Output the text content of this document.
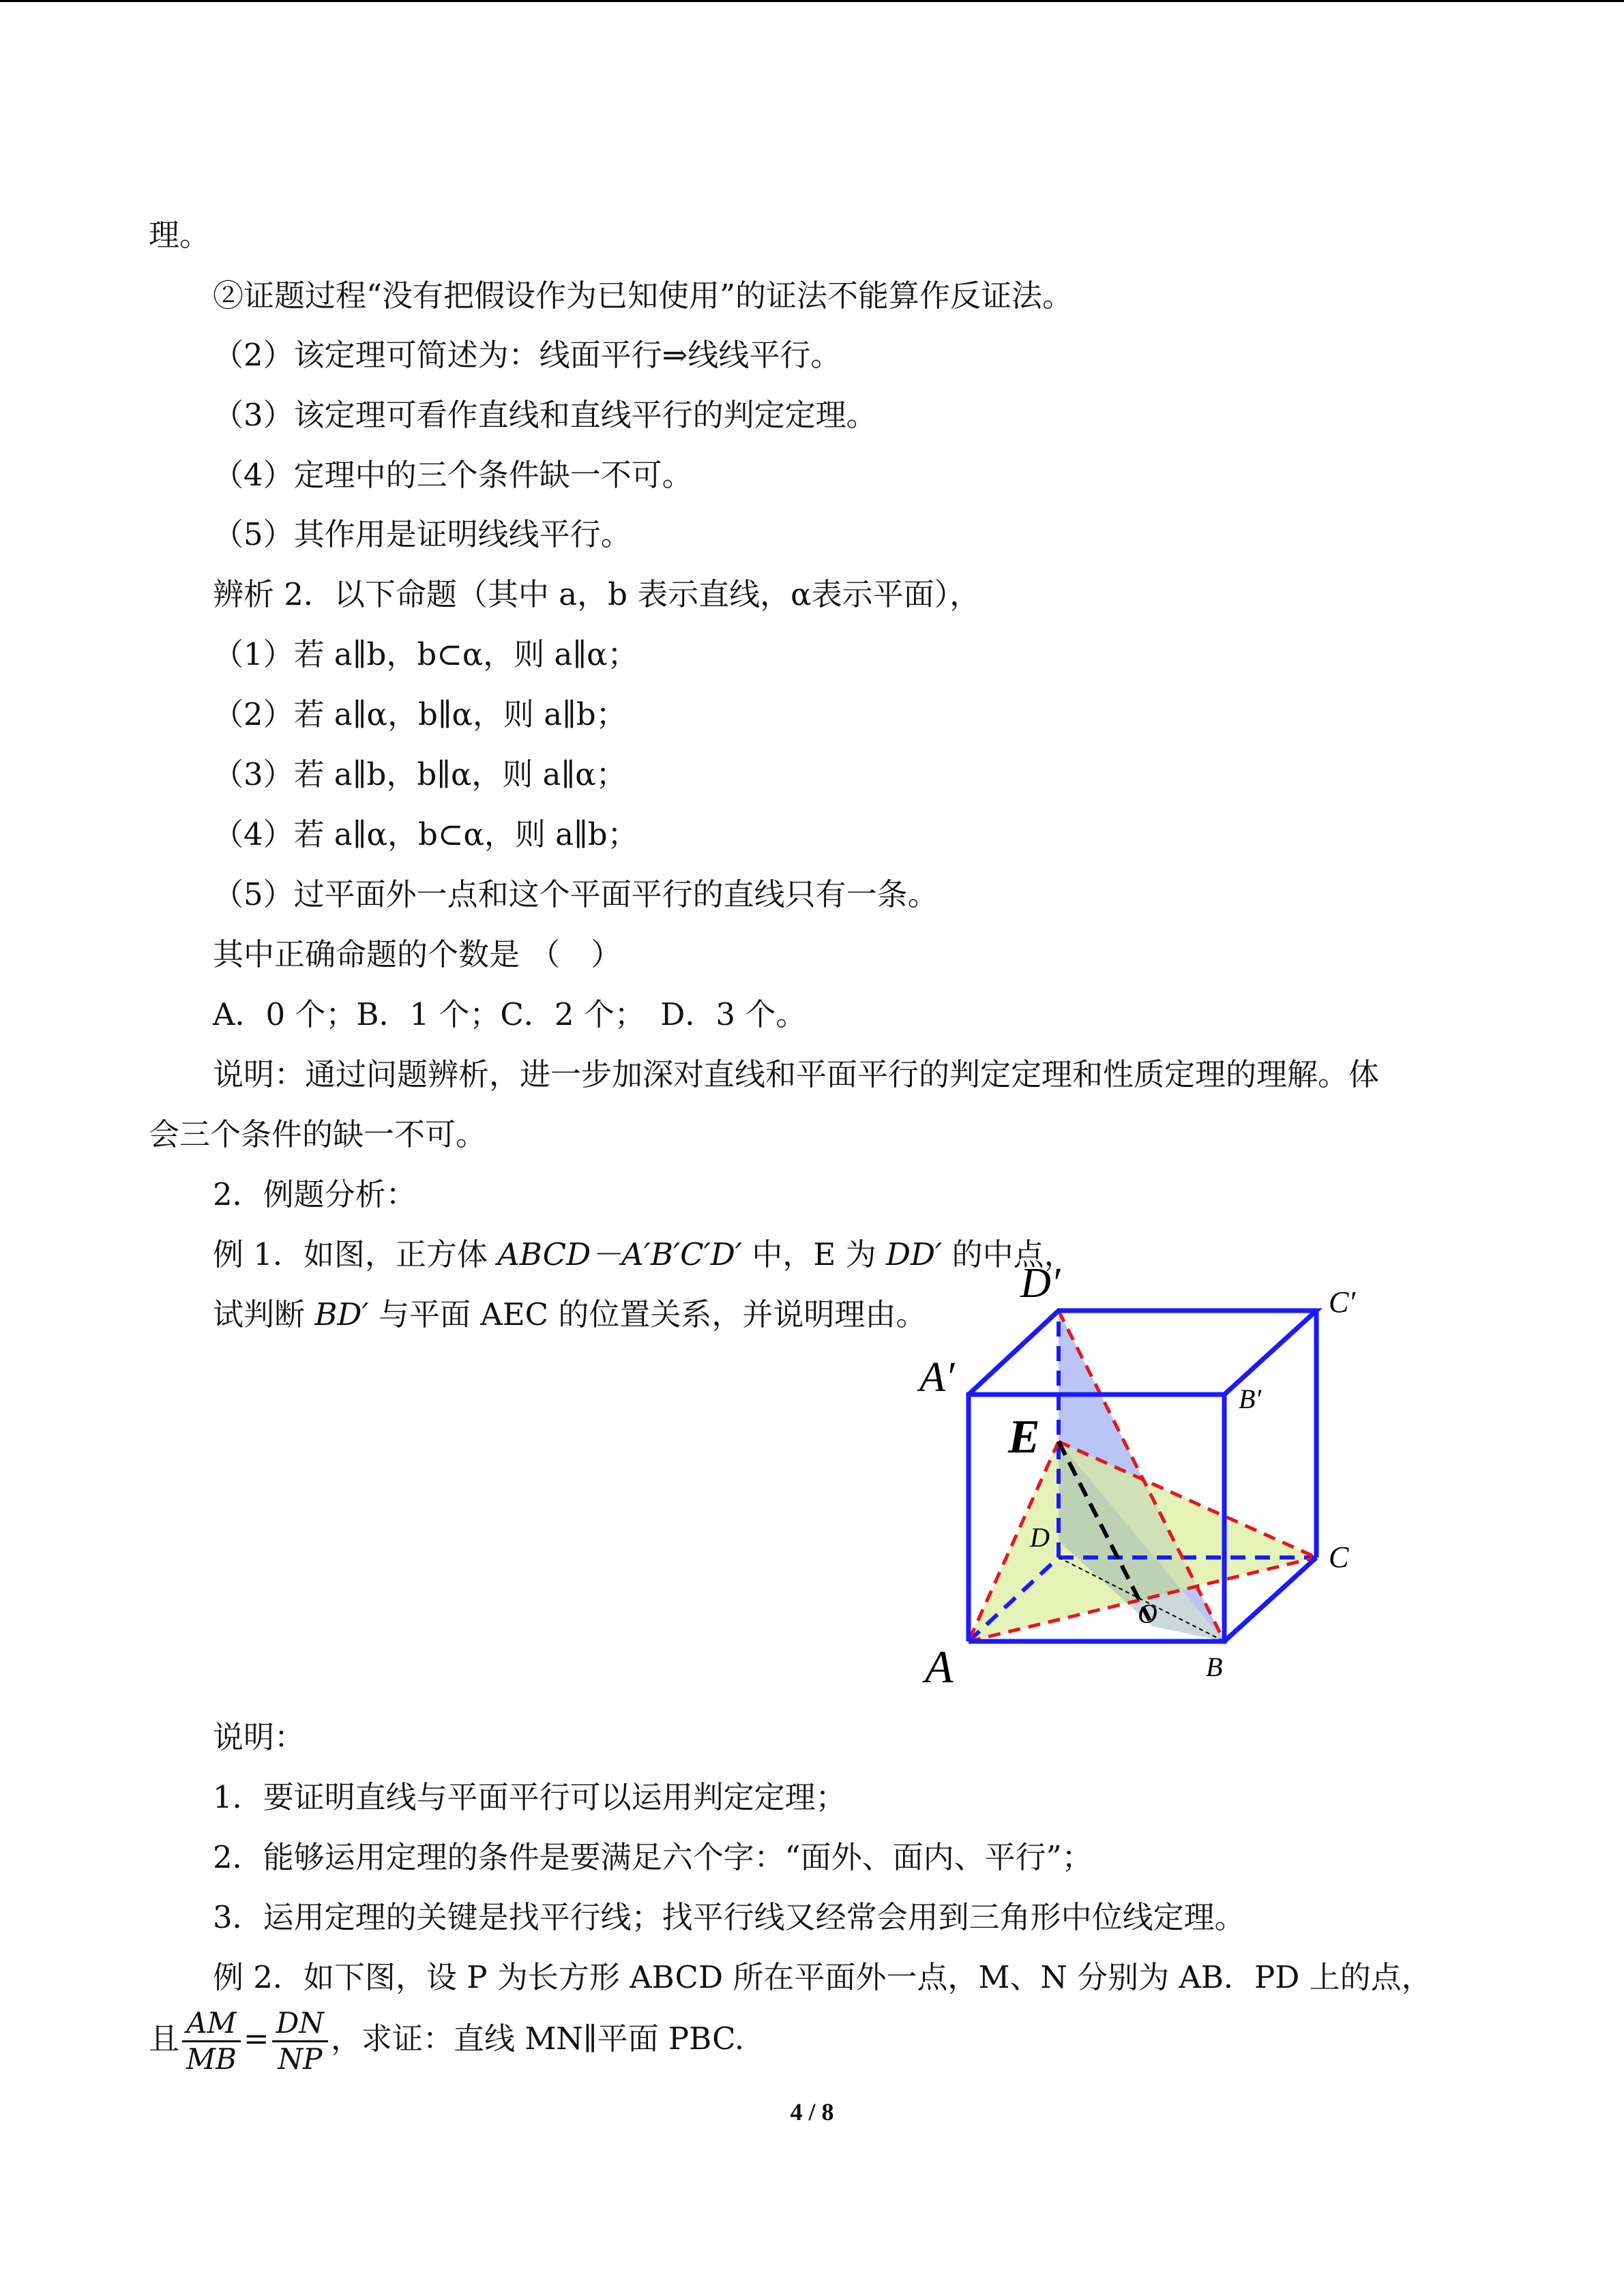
理。
②证题过程“没有把假设作为已知使用”的证法不能算作反证法。
（2）该定理可简述为：线面平行⇒线线平行。
（3）该定理可看作直线和直线平行的判定定理。
（4）定理中的三个条件缺一不可。
（5）其作用是证明线线平行。
辨析 2．以下命题（其中 a，b 表示直线，α表示平面），
（1）若 a∥b，b⊂α，则 a∥α；
（2）若 a∥α，b∥α，则 a∥b；
（3）若 a∥b，b∥α，则 a∥α；
（4）若 a∥α，b⊂α，则 a∥b；
（5）过平面外一点和这个平面平行的直线只有一条。
其中正确命题的个数是 （　）
A．0 个；B．1 个；C．2 个；　D．3 个。
说明：通过问题辨析，进一步加深对直线和平面平行的判定定理和性质定理的理解。体
会三个条件的缺一不可。
2．例题分析：
例 1．如图，正方体 ABCD－A′B′C′D′ 中，E 为 DD′ 的中点，
试判断 BD′ 与平面 AEC 的位置关系，并说明理由。
D′	C′
A′	B′
E
D
C
O
A	B
说明：
1．要证明直线与平面平行可以运用判定定理；
2．能够运用定理的条件是要满足六个字：“面外、面内、平行”；
3．运用定理的关键是找平行线；找平行线又经常会用到三角形中位线定理。
例 2．如下图，设 P 为长方形 ABCD 所在平面外一点，M、N 分别为 AB．PD 上的点，
且 $\frac{AM}{MB} = \frac{DN}{NP}$ ，求证：直线 MN∥平面 PBC.
4 / 8
